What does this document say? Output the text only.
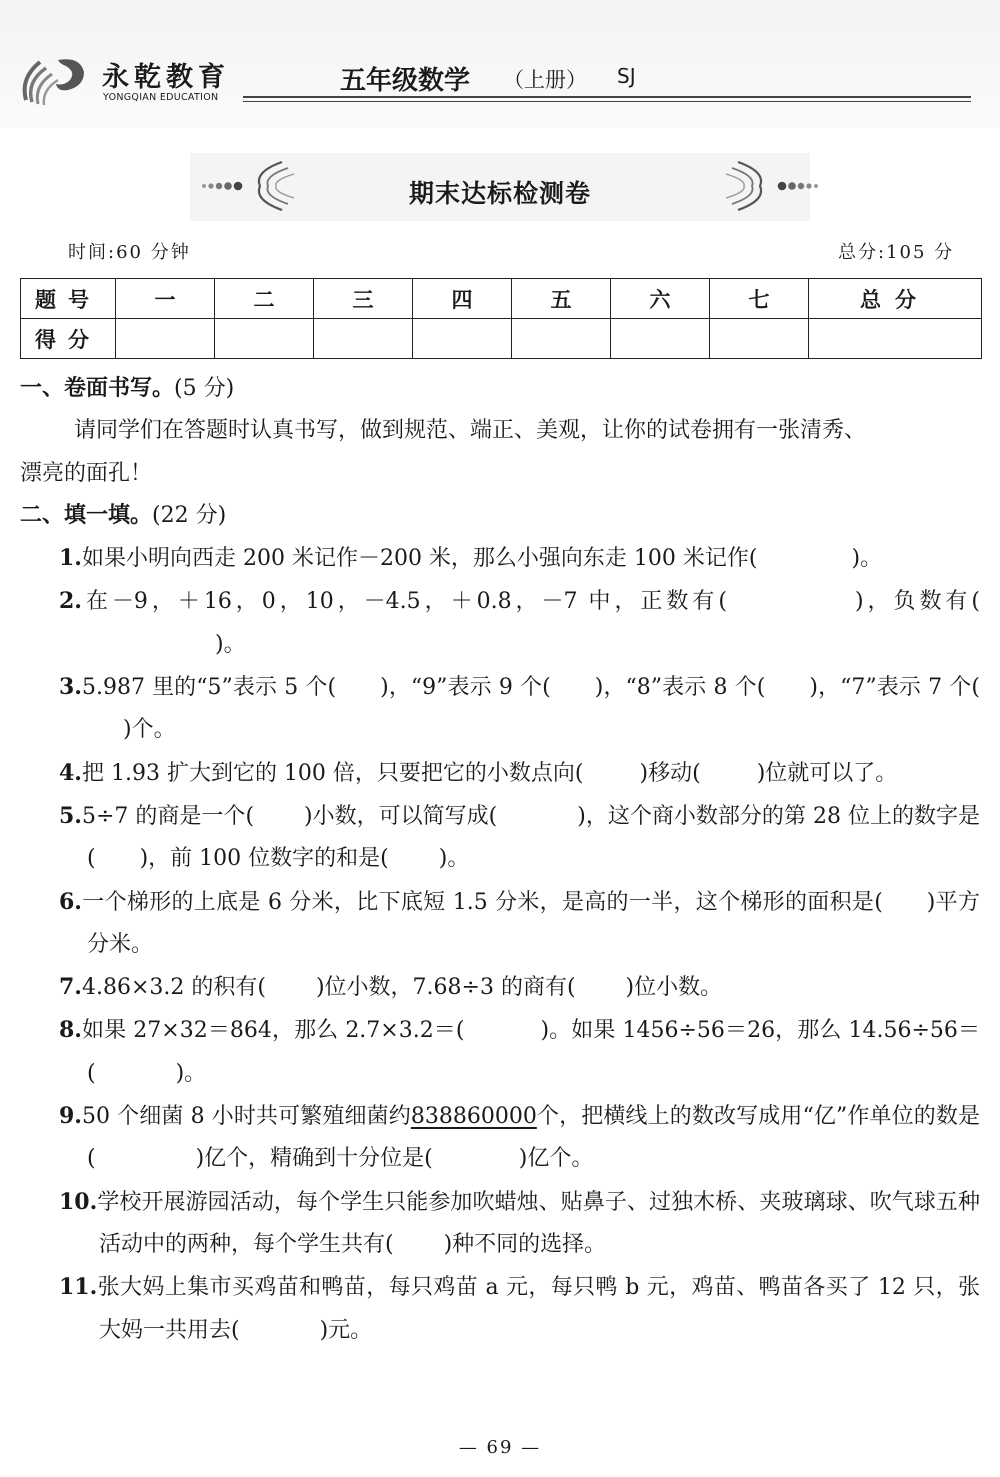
永乾教育
YONGQIAN EDUCATION
五年级数学 （上册） SJ
期末达标检测卷
时间:60 分钟	总分:105 分
题号	一	二	三	四	五	六	七	总分
得分								

一、卷面书写。(5 分)

请同学们在答题时认真书写，做到规范、端正、美观，让你的试卷拥有一张清秀、

漂亮的面孔！

二、填一填。(22 分)

1.如果小明向西走 200 米记作－200 米，那么小强向东走 100 米记作(	)。

2.在－9，＋16，0，10，－4.5，＋0.8，－7 中，正数有(	)，负数有()。

3.5.987 里的“5”表示 5 个( )，“9”表示 9 个( )，“8”表示 8 个( )，“7”表示 7 个()个。

4.把 1.93 扩大到它的 100 倍，只要把它的小数点向(	)移动(	)位就可以了。

5.5÷7 的商是一个( )小数，可以简写成(	)，这个商小数部分的第 28 位上的数字是( )，前 100 位数字的和是( )。

6.一个梯形的上底是 6 分米，比下底短 1.5 分米，是高的一半，这个梯形的面积是( )平方分米。

7.4.86×3.2 的积有( )位小数，7.68÷3 的商有( )位小数。

8.如果 27×32＝864，那么 2.7×3.2＝(	)。如果 1456÷56＝26，那么 14.56÷56＝(	)。

9.50 个细菌 8 小时共可繁殖细菌约838860000个，把横线上的数改写成用“亿”作单位的数是(	)亿个，精确到十分位是(	)亿个。

10.学校开展游园活动，每个学生只能参加吹蜡烛、贴鼻子、过独木桥、夹玻璃球、吹气球五种活动中的两种，每个学生共有( )种不同的选择。

11.张大妈上集市买鸡苗和鸭苗，每只鸡苗 a 元，每只鸭 b 元，鸡苗、鸭苗各买了 12 只，张大妈一共用去(	)元。

— 69 —
